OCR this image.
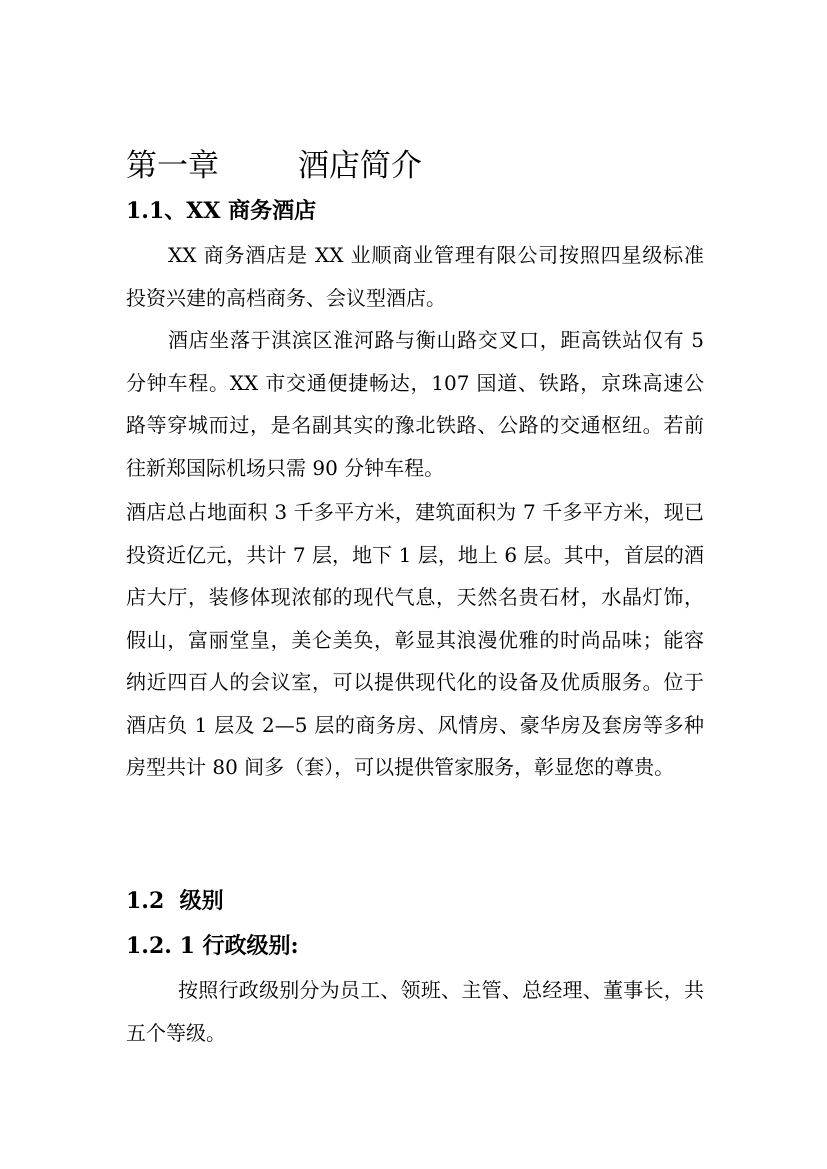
第一章        酒店简介
1.1、XX 商务酒店

XX 商务酒店是 XX 业顺商业管理有限公司按照四星级标准投资兴建的高档商务、会议型酒店。

酒店坐落于淇滨区淮河路与衡山路交叉口，距高铁站仅有 5 分钟车程。XX 市交通便捷畅达，107 国道、铁路，京珠高速公路等穿城而过，是名副其实的豫北铁路、公路的交通枢纽。若前往新郑国际机场只需 90 分钟车程。

酒店总占地面积 3 千多平方米，建筑面积为 7 千多平方米，现已投资近亿元，共计 7 层，地下 1 层，地上 6 层。其中，首层的酒店大厅，装修体现浓郁的现代气息，天然名贵石材，水晶灯饰，假山，富丽堂皇，美仑美奂，彰显其浪漫优雅的时尚品味；能容纳近四百人的会议室，可以提供现代化的设备及优质服务。位于酒店负 1 层及 2—5 层的商务房、风情房、豪华房及套房等多种房型共计 80 间多（套），可以提供管家服务，彰显您的尊贵。

1.2  级别
1.2. 1 行政级别:

按照行政级别分为员工、领班、主管、总经理、董事长，共五个等级。
